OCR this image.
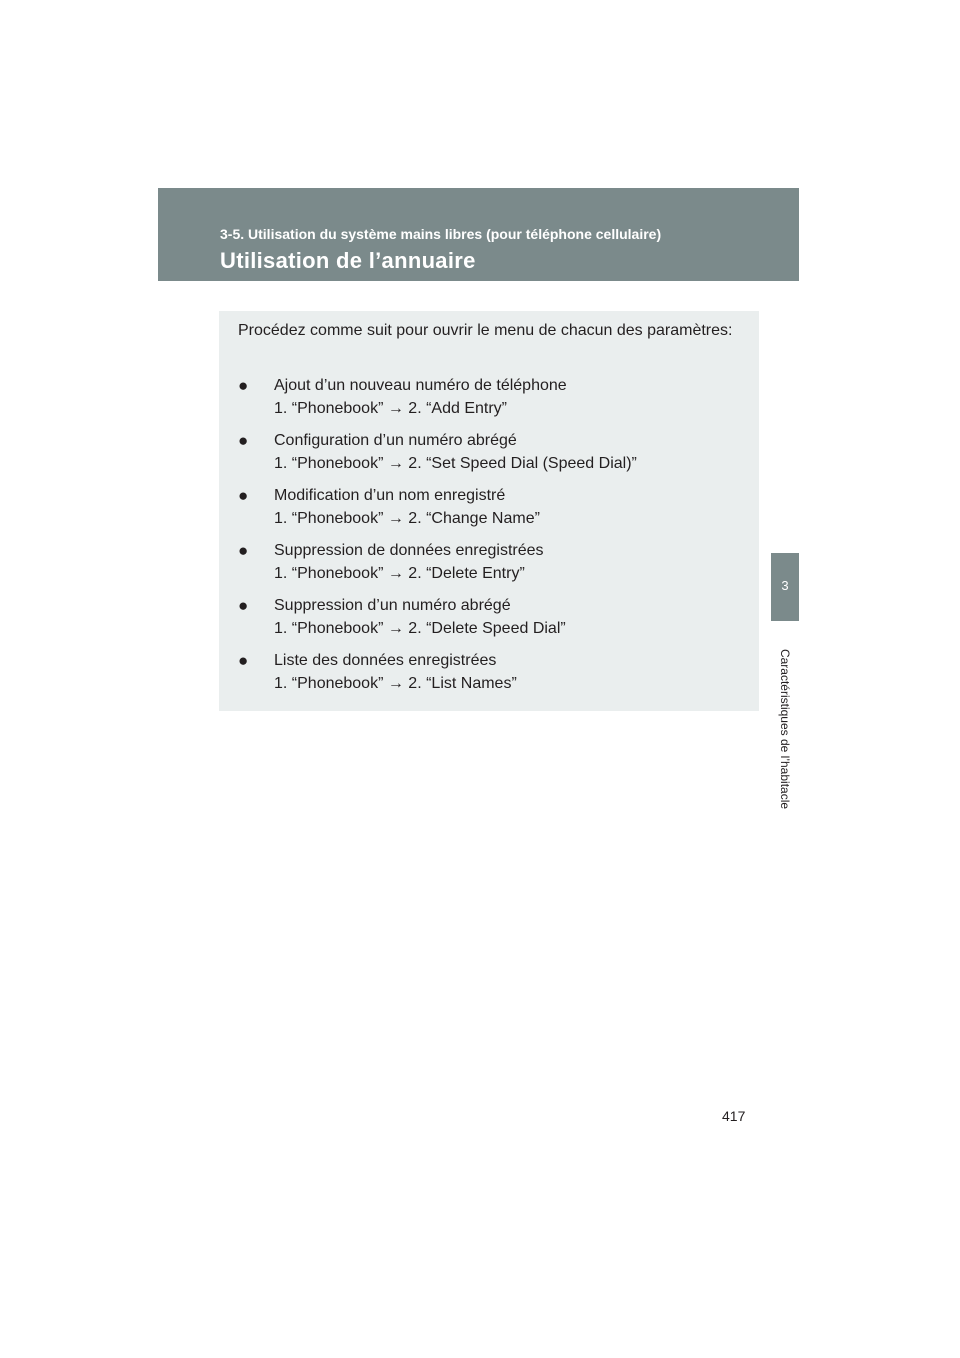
3-5. Utilisation du système mains libres (pour téléphone cellulaire)
Utilisation de l’annuaire
3
Caractéristiques de l’habitacle
Procédez comme suit pour ouvrir le menu de chacun des paramètres:
●	Ajout d’un nouveau numéro de téléphone
1. “Phonebook” → 2. “Add Entry”
●	Configuration d’un numéro abrégé
1. “Phonebook” → 2. “Set Speed Dial (Speed Dial)”
●	Modification d’un nom enregistré
1. “Phonebook” → 2. “Change Name”
●	Suppression de données enregistrées
1. “Phonebook” → 2. “Delete Entry”
●	Suppression d’un numéro abrégé
1. “Phonebook” → 2. “Delete Speed Dial”
●	Liste des données enregistrées
1. “Phonebook” → 2. “List Names”
417
